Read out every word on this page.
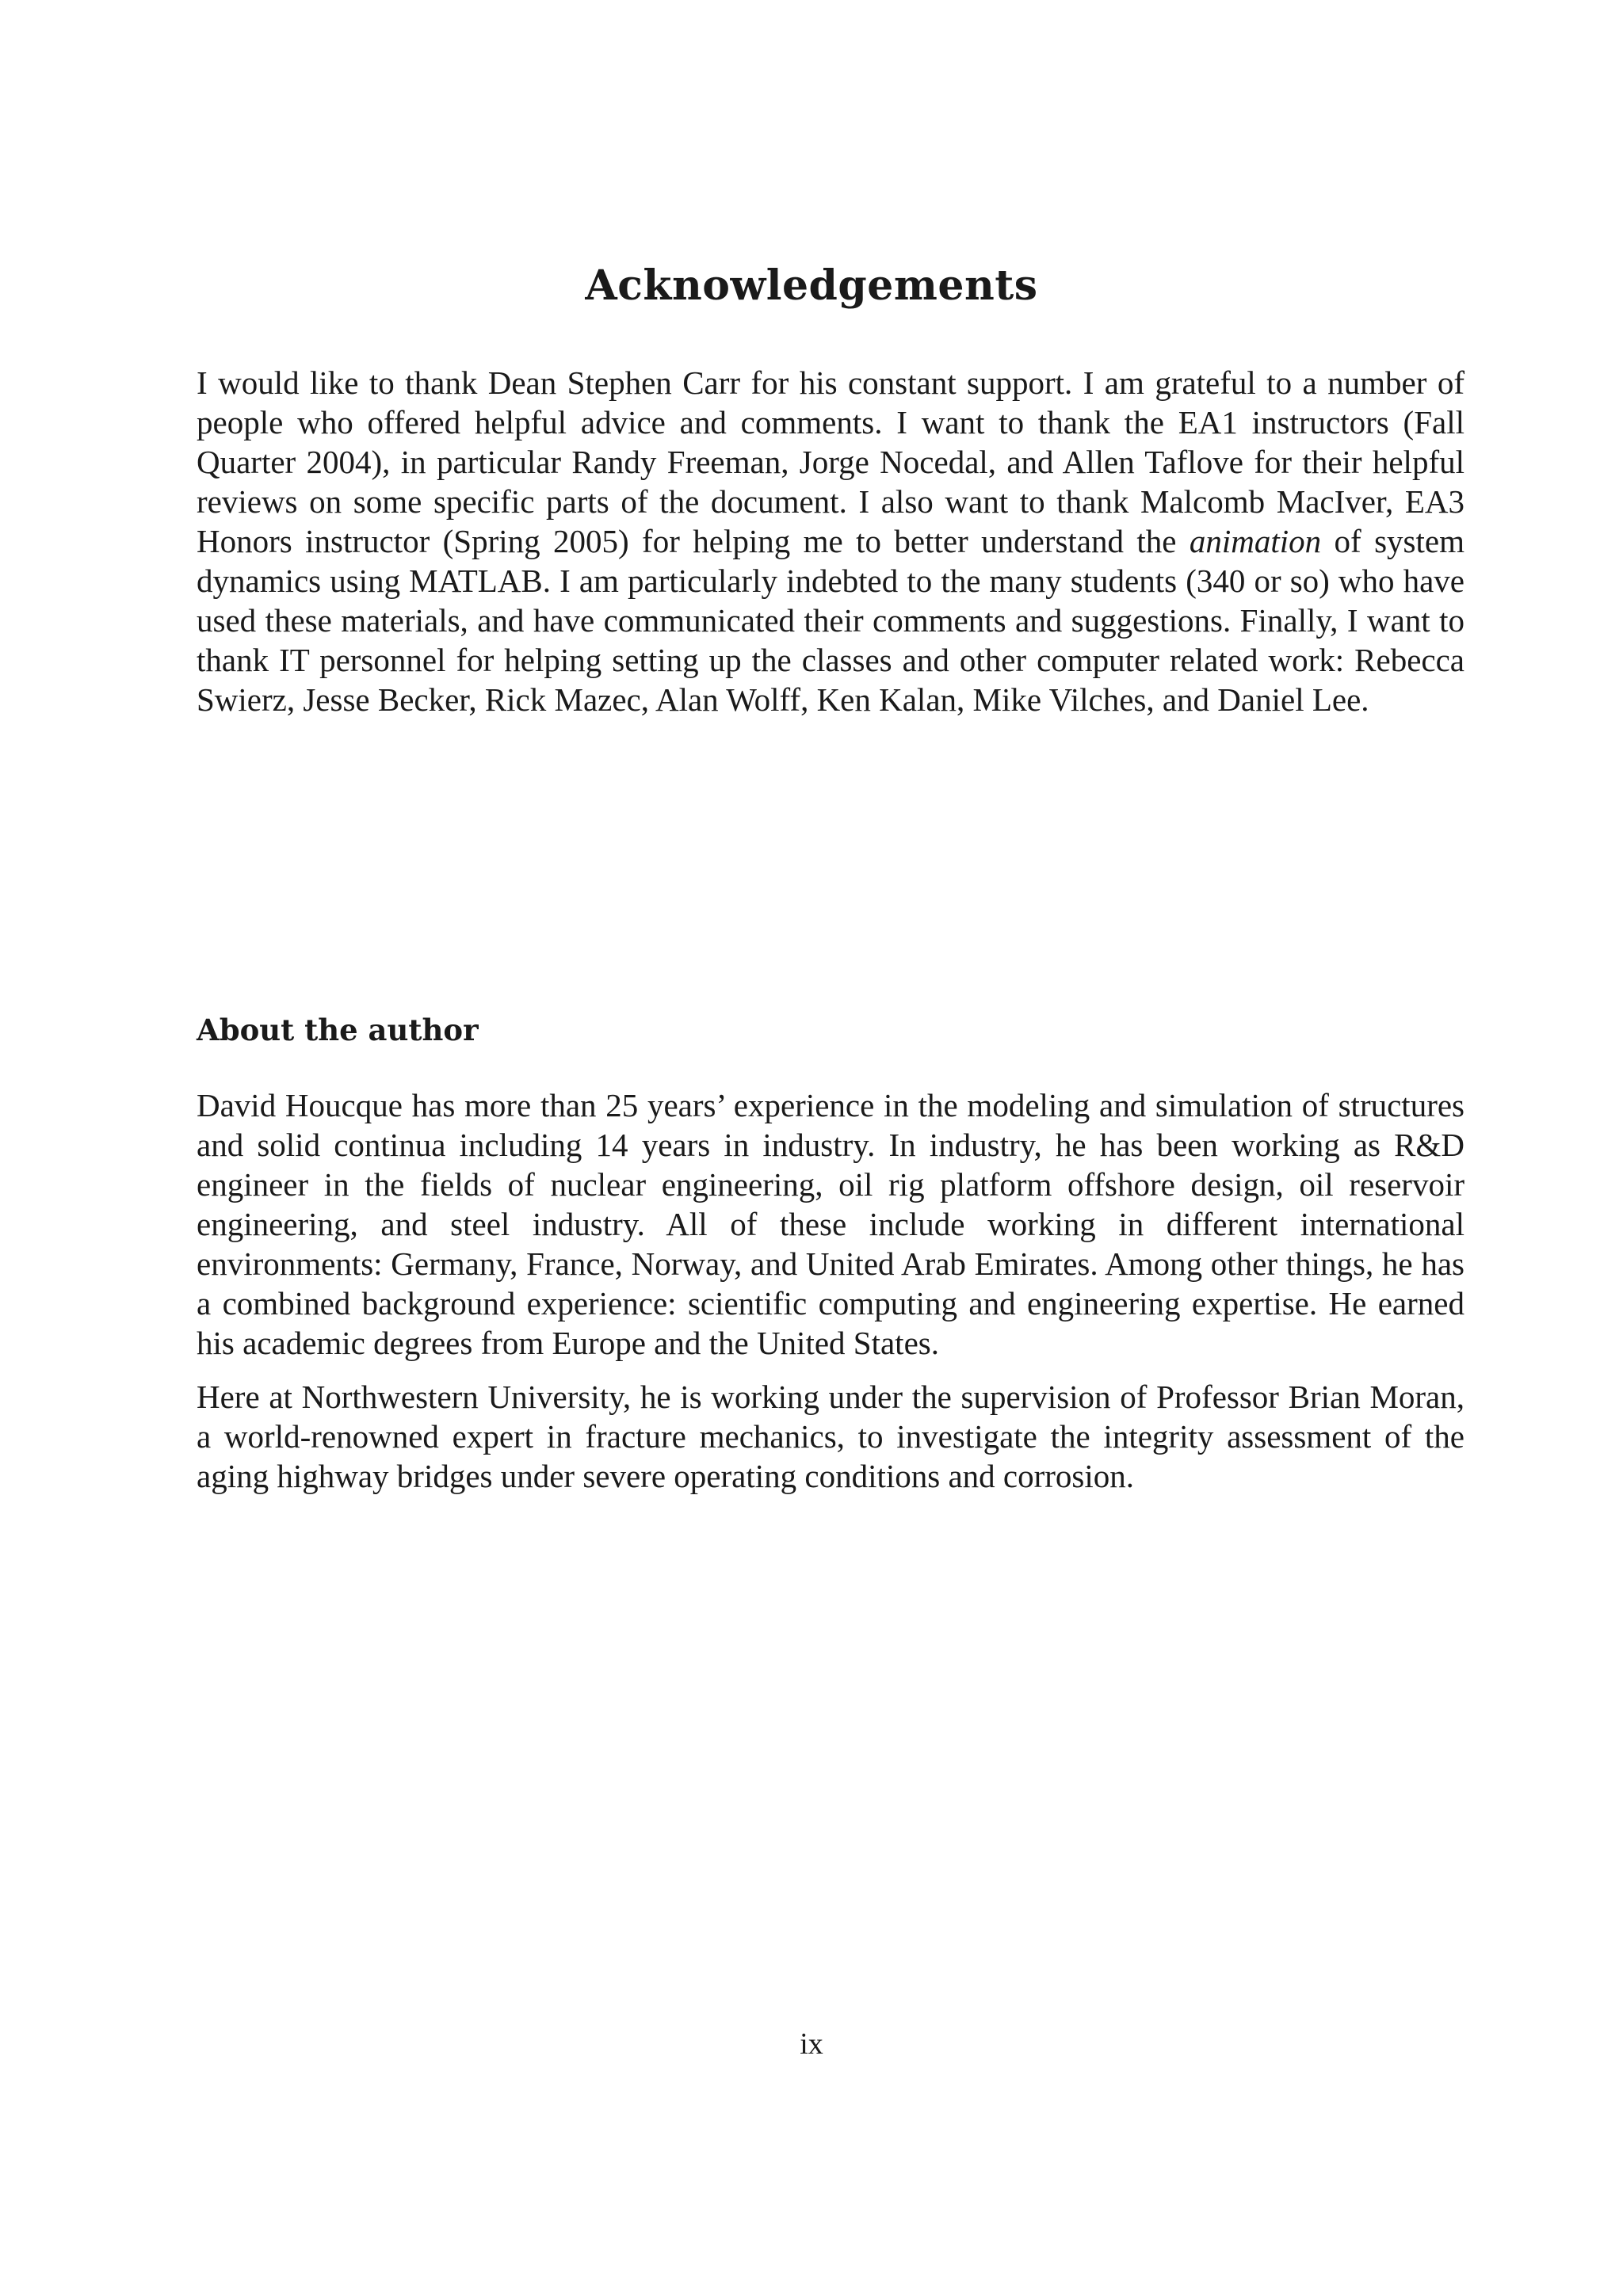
Acknowledgements

I would like to thank Dean Stephen Carr for his constant support. I am grateful to a number of people who offered helpful advice and comments. I want to thank the EA1 instructors (Fall Quarter 2004), in particular Randy Freeman, Jorge Nocedal, and Allen Taflove for their helpful reviews on some specific parts of the document. I also want to thank Malcomb MacIver, EA3 Honors instructor (Spring 2005) for helping me to better understand the animation of system dynamics using MATLAB. I am particularly indebted to the many students (340 or so) who have used these materials, and have communicated their comments and suggestions. Finally, I want to thank IT personnel for helping setting up the classes and other computer related work: Rebecca Swierz, Jesse Becker, Rick Mazec, Alan Wolff, Ken Kalan, Mike Vilches, and Daniel Lee.

About the author

David Houcque has more than 25 years’ experience in the modeling and simulation of structures and solid continua including 14 years in industry. In industry, he has been working as R&D engineer in the fields of nuclear engineering, oil rig platform offshore design, oil reservoir engineering, and steel industry. All of these include working in different international environments: Germany, France, Norway, and United Arab Emirates. Among other things, he has a combined background experience: scientific computing and engineering expertise. He earned his academic degrees from Europe and the United States.

Here at Northwestern University, he is working under the supervision of Professor Brian Moran, a world-renowned expert in fracture mechanics, to investigate the integrity assessment of the aging highway bridges under severe operating conditions and corrosion.

ix
